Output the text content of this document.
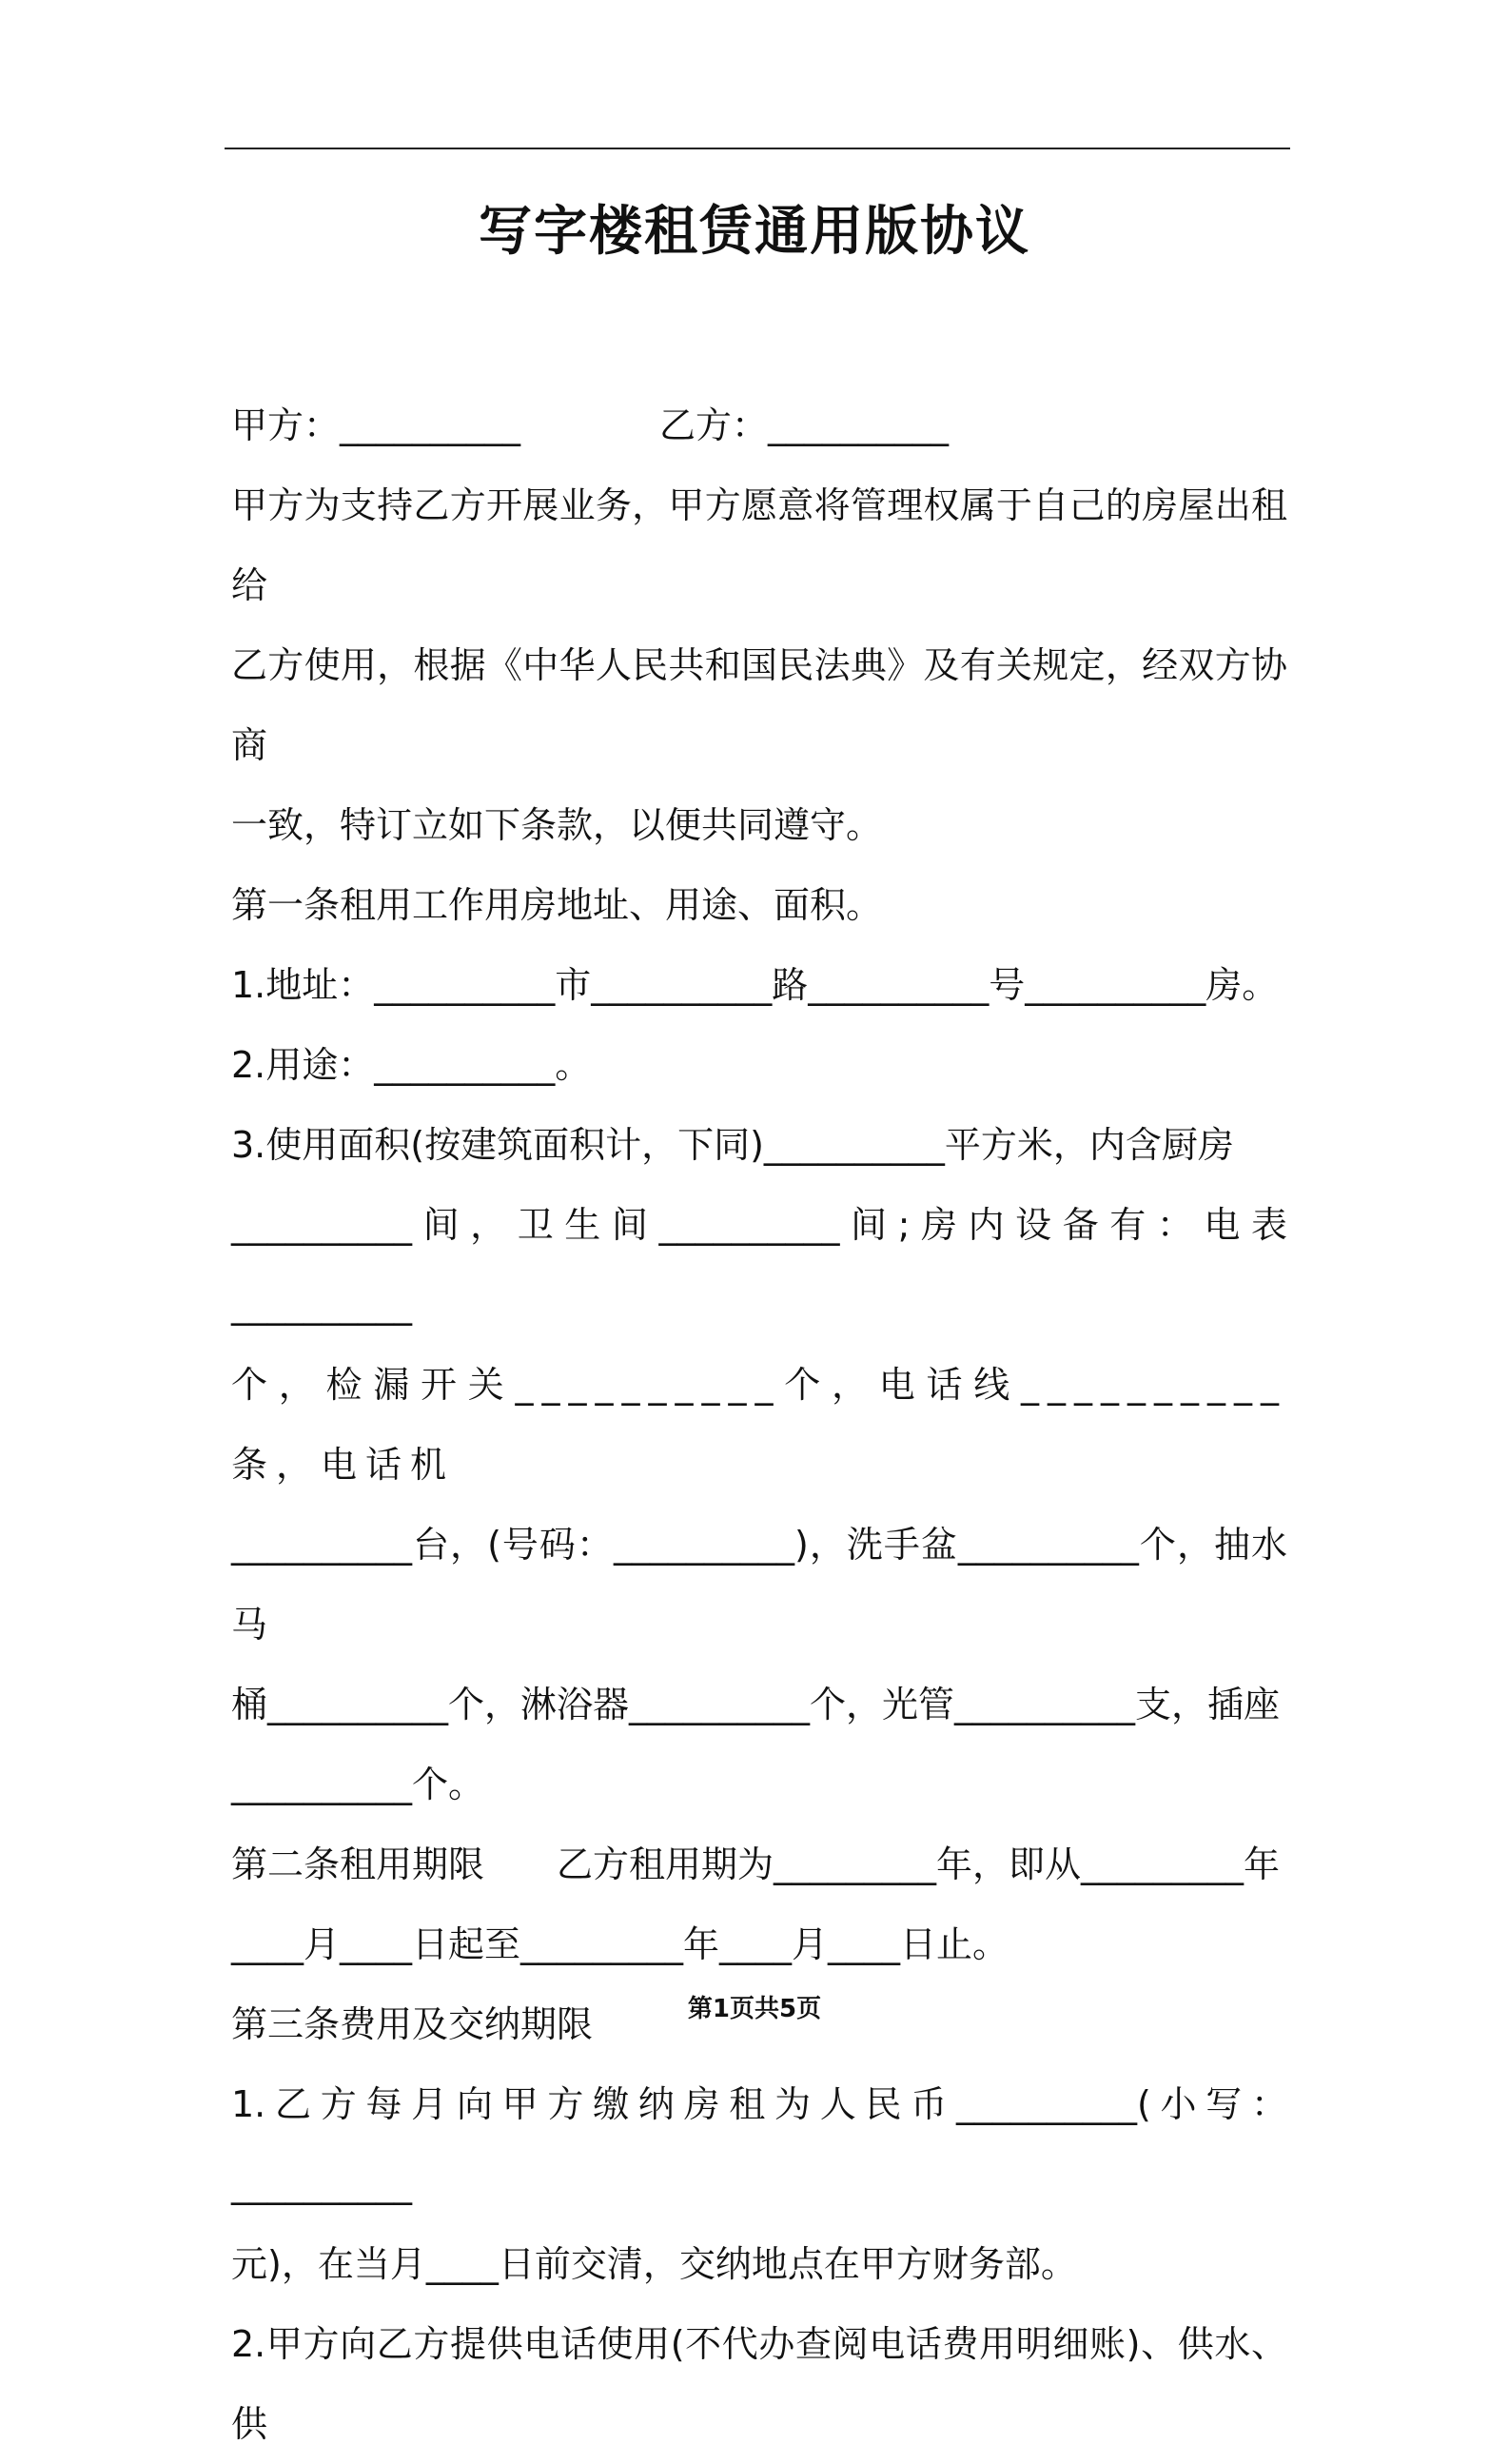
写字楼租赁通用版协议
甲方：__________	乙方：__________

甲方为支持乙方开展业务，甲方愿意将管理权属于自己的房屋出租给

乙方使用，根据《中华人民共和国民法典》及有关规定，经双方协商

一致，特订立如下条款，以便共同遵守。

第一条租用工作用房地址、用途、面积。

1.地址：__________市__________路__________号__________房。

2.用途：__________。

3.使用面积(按建筑面积计，下同)__________平方米，内含厨房

__________间，卫生间__________间;房内设备有：电表__________

个，检漏开关__________个，电话线__________条，电话机

__________台，(号码：__________)，洗手盆__________个，抽水马

桶__________个，淋浴器__________个，光管__________支，插座

__________个。

第二条租用期限　　乙方租用期为_________年，即从_________年

____月____日起至_________年____月____日止。

第三条费用及交纳期限

1.乙方每月向甲方缴纳房租为人民币__________(小写：__________

元)，在当月____日前交清，交纳地点在甲方财务部。

2.甲方向乙方提供电话使用(不代办查阅电话费用明细账)、供水、供

第1页共5页
